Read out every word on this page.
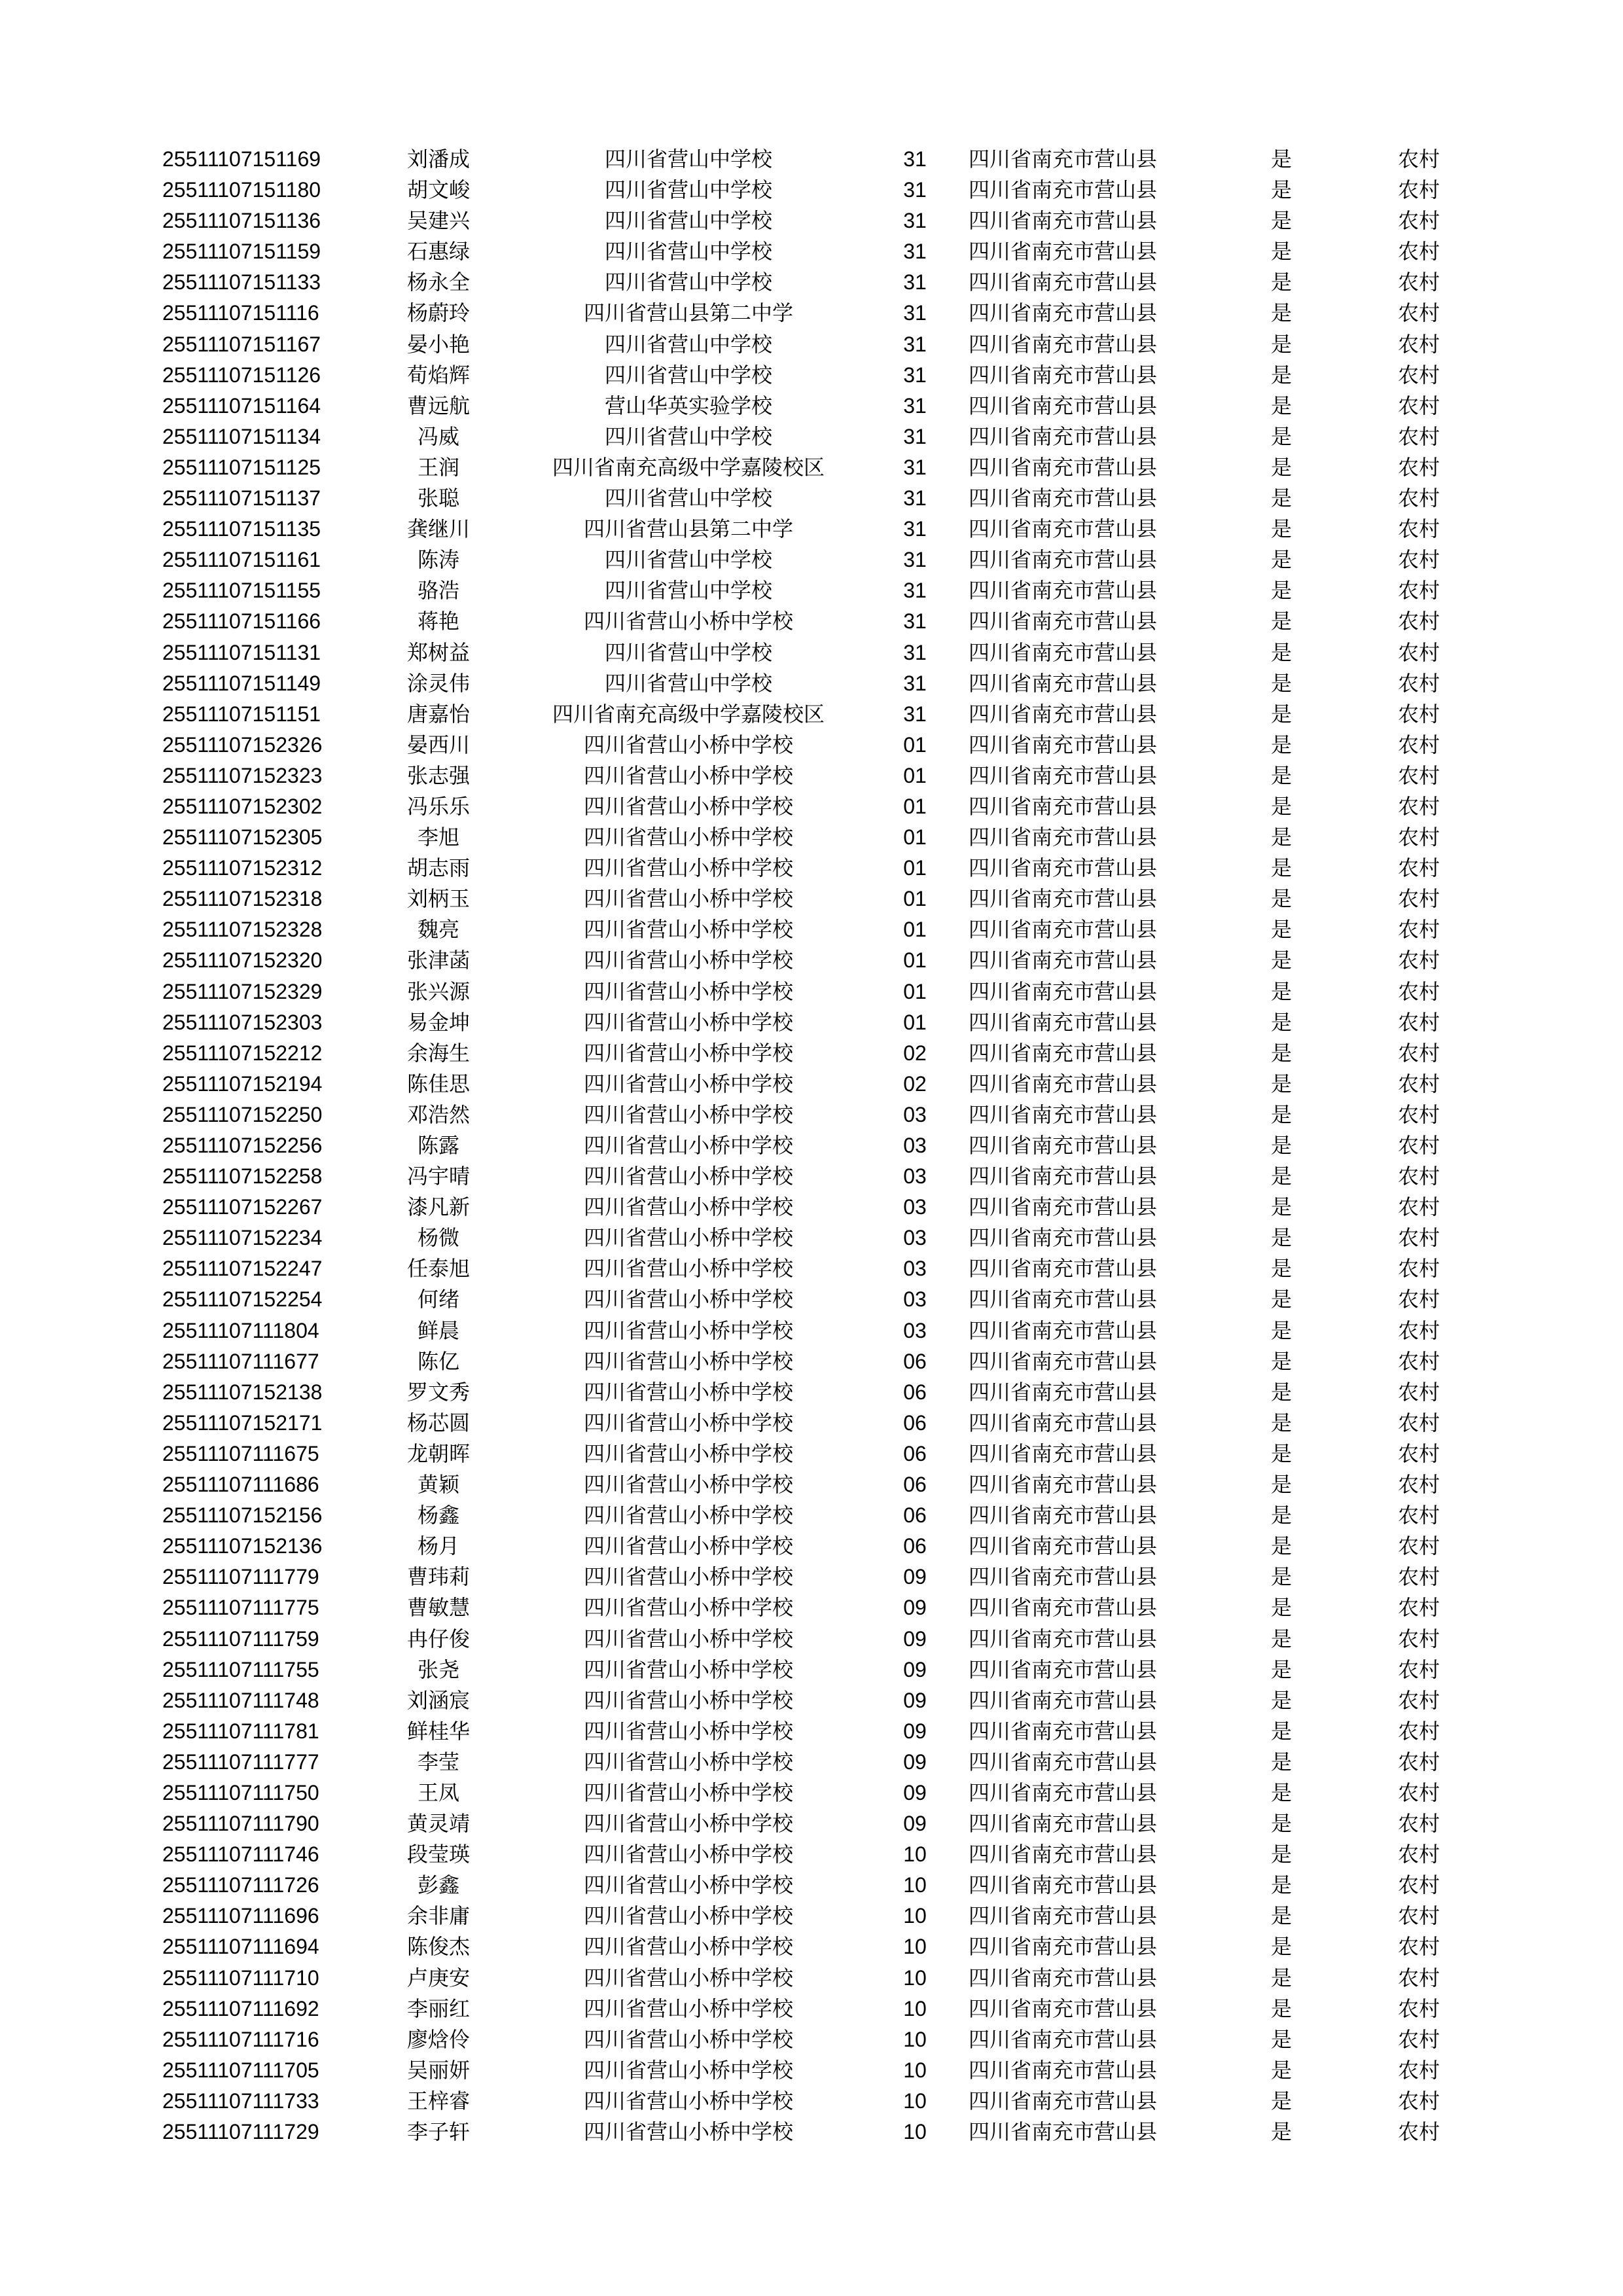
25511107151169	刘潘成	四川省营山中学校	31 四川省南充市营山县	是	农村
25511107151180	胡文峻	四川省营山中学校	31 四川省南充市营山县	是	农村
25511107151136	吴建兴	四川省营山中学校	31 四川省南充市营山县	是	农村
25511107151159	石惠绿	四川省营山中学校	31 四川省南充市营山县	是	农村
25511107151133	杨永全	四川省营山中学校	31 四川省南充市营山县	是	农村
25511107151116	杨蔚玲	四川省营山县第二中学	31 四川省南充市营山县	是	农村
25511107151167	晏小艳	四川省营山中学校	31 四川省南充市营山县	是	农村
25511107151126	荀焰辉	四川省营山中学校	31 四川省南充市营山县	是	农村
25511107151164	曹远航	营山华英实验学校	31 四川省南充市营山县	是	农村
25511107151134	冯威	四川省营山中学校	31 四川省南充市营山县	是	农村
25511107151125	王润	四川省南充高级中学嘉陵校区	31 四川省南充市营山县	是	农村
25511107151137	张聪	四川省营山中学校	31 四川省南充市营山县	是	农村
25511107151135	龚继川	四川省营山县第二中学	31 四川省南充市营山县	是	农村
25511107151161	陈涛	四川省营山中学校	31 四川省南充市营山县	是	农村
25511107151155	骆浩	四川省营山中学校	31 四川省南充市营山县	是	农村
25511107151166	蒋艳	四川省营山小桥中学校	31 四川省南充市营山县	是	农村
25511107151131	郑树益	四川省营山中学校	31 四川省南充市营山县	是	农村
25511107151149	涂灵伟	四川省营山中学校	31 四川省南充市营山县	是	农村
25511107151151	唐嘉怡	四川省南充高级中学嘉陵校区	31 四川省南充市营山县	是	农村
25511107152326	晏西川	四川省营山小桥中学校	01 四川省南充市营山县	是	农村
25511107152323	张志强	四川省营山小桥中学校	01 四川省南充市营山县	是	农村
25511107152302	冯乐乐	四川省营山小桥中学校	01 四川省南充市营山县	是	农村
25511107152305	李旭	四川省营山小桥中学校	01 四川省南充市营山县	是	农村
25511107152312	胡志雨	四川省营山小桥中学校	01 四川省南充市营山县	是	农村
25511107152318	刘柄玉	四川省营山小桥中学校	01 四川省南充市营山县	是	农村
25511107152328	魏亮	四川省营山小桥中学校	01 四川省南充市营山县	是	农村
25511107152320	张津菡	四川省营山小桥中学校	01 四川省南充市营山县	是	农村
25511107152329	张兴源	四川省营山小桥中学校	01 四川省南充市营山县	是	农村
25511107152303	易金坤	四川省营山小桥中学校	01 四川省南充市营山县	是	农村
25511107152212	余海生	四川省营山小桥中学校	02 四川省南充市营山县	是	农村
25511107152194	陈佳思	四川省营山小桥中学校	02 四川省南充市营山县	是	农村
25511107152250	邓浩然	四川省营山小桥中学校	03 四川省南充市营山县	是	农村
25511107152256	陈露	四川省营山小桥中学校	03 四川省南充市营山县	是	农村
25511107152258	冯宇晴	四川省营山小桥中学校	03 四川省南充市营山县	是	农村
25511107152267	漆凡新	四川省营山小桥中学校	03 四川省南充市营山县	是	农村
25511107152234	杨微	四川省营山小桥中学校	03 四川省南充市营山县	是	农村
25511107152247	任泰旭	四川省营山小桥中学校	03 四川省南充市营山县	是	农村
25511107152254	何绪	四川省营山小桥中学校	03 四川省南充市营山县	是	农村
25511107111804	鲜晨	四川省营山小桥中学校	03 四川省南充市营山县	是	农村
25511107111677	陈亿	四川省营山小桥中学校	06 四川省南充市营山县	是	农村
25511107152138	罗文秀	四川省营山小桥中学校	06 四川省南充市营山县	是	农村
25511107152171	杨芯圆	四川省营山小桥中学校	06 四川省南充市营山县	是	农村
25511107111675	龙朝晖	四川省营山小桥中学校	06 四川省南充市营山县	是	农村
25511107111686	黄颖	四川省营山小桥中学校	06 四川省南充市营山县	是	农村
25511107152156	杨鑫	四川省营山小桥中学校	06 四川省南充市营山县	是	农村
25511107152136	杨月	四川省营山小桥中学校	06 四川省南充市营山县	是	农村
25511107111779	曹玮莉	四川省营山小桥中学校	09 四川省南充市营山县	是	农村
25511107111775	曹敏慧	四川省营山小桥中学校	09 四川省南充市营山县	是	农村
25511107111759	冉仔俊	四川省营山小桥中学校	09 四川省南充市营山县	是	农村
25511107111755	张尧	四川省营山小桥中学校	09 四川省南充市营山县	是	农村
25511107111748	刘涵宸	四川省营山小桥中学校	09 四川省南充市营山县	是	农村
25511107111781	鲜桂华	四川省营山小桥中学校	09 四川省南充市营山县	是	农村
25511107111777	李莹	四川省营山小桥中学校	09 四川省南充市营山县	是	农村
25511107111750	王凤	四川省营山小桥中学校	09 四川省南充市营山县	是	农村
25511107111790	黄灵靖	四川省营山小桥中学校	09 四川省南充市营山县	是	农村
25511107111746	段莹瑛	四川省营山小桥中学校	10 四川省南充市营山县	是	农村
25511107111726	彭鑫	四川省营山小桥中学校	10 四川省南充市营山县	是	农村
25511107111696	余非庸	四川省营山小桥中学校	10 四川省南充市营山县	是	农村
25511107111694	陈俊杰	四川省营山小桥中学校	10 四川省南充市营山县	是	农村
25511107111710	卢庚安	四川省营山小桥中学校	10 四川省南充市营山县	是	农村
25511107111692	李丽红	四川省营山小桥中学校	10 四川省南充市营山县	是	农村
25511107111716	廖焓伶	四川省营山小桥中学校	10 四川省南充市营山县	是	农村
25511107111705	吴丽妍	四川省营山小桥中学校	10 四川省南充市营山县	是	农村
25511107111733	王梓睿	四川省营山小桥中学校	10 四川省南充市营山县	是	农村
25511107111729	李子轩	四川省营山小桥中学校	10 四川省南充市营山县	是	农村
